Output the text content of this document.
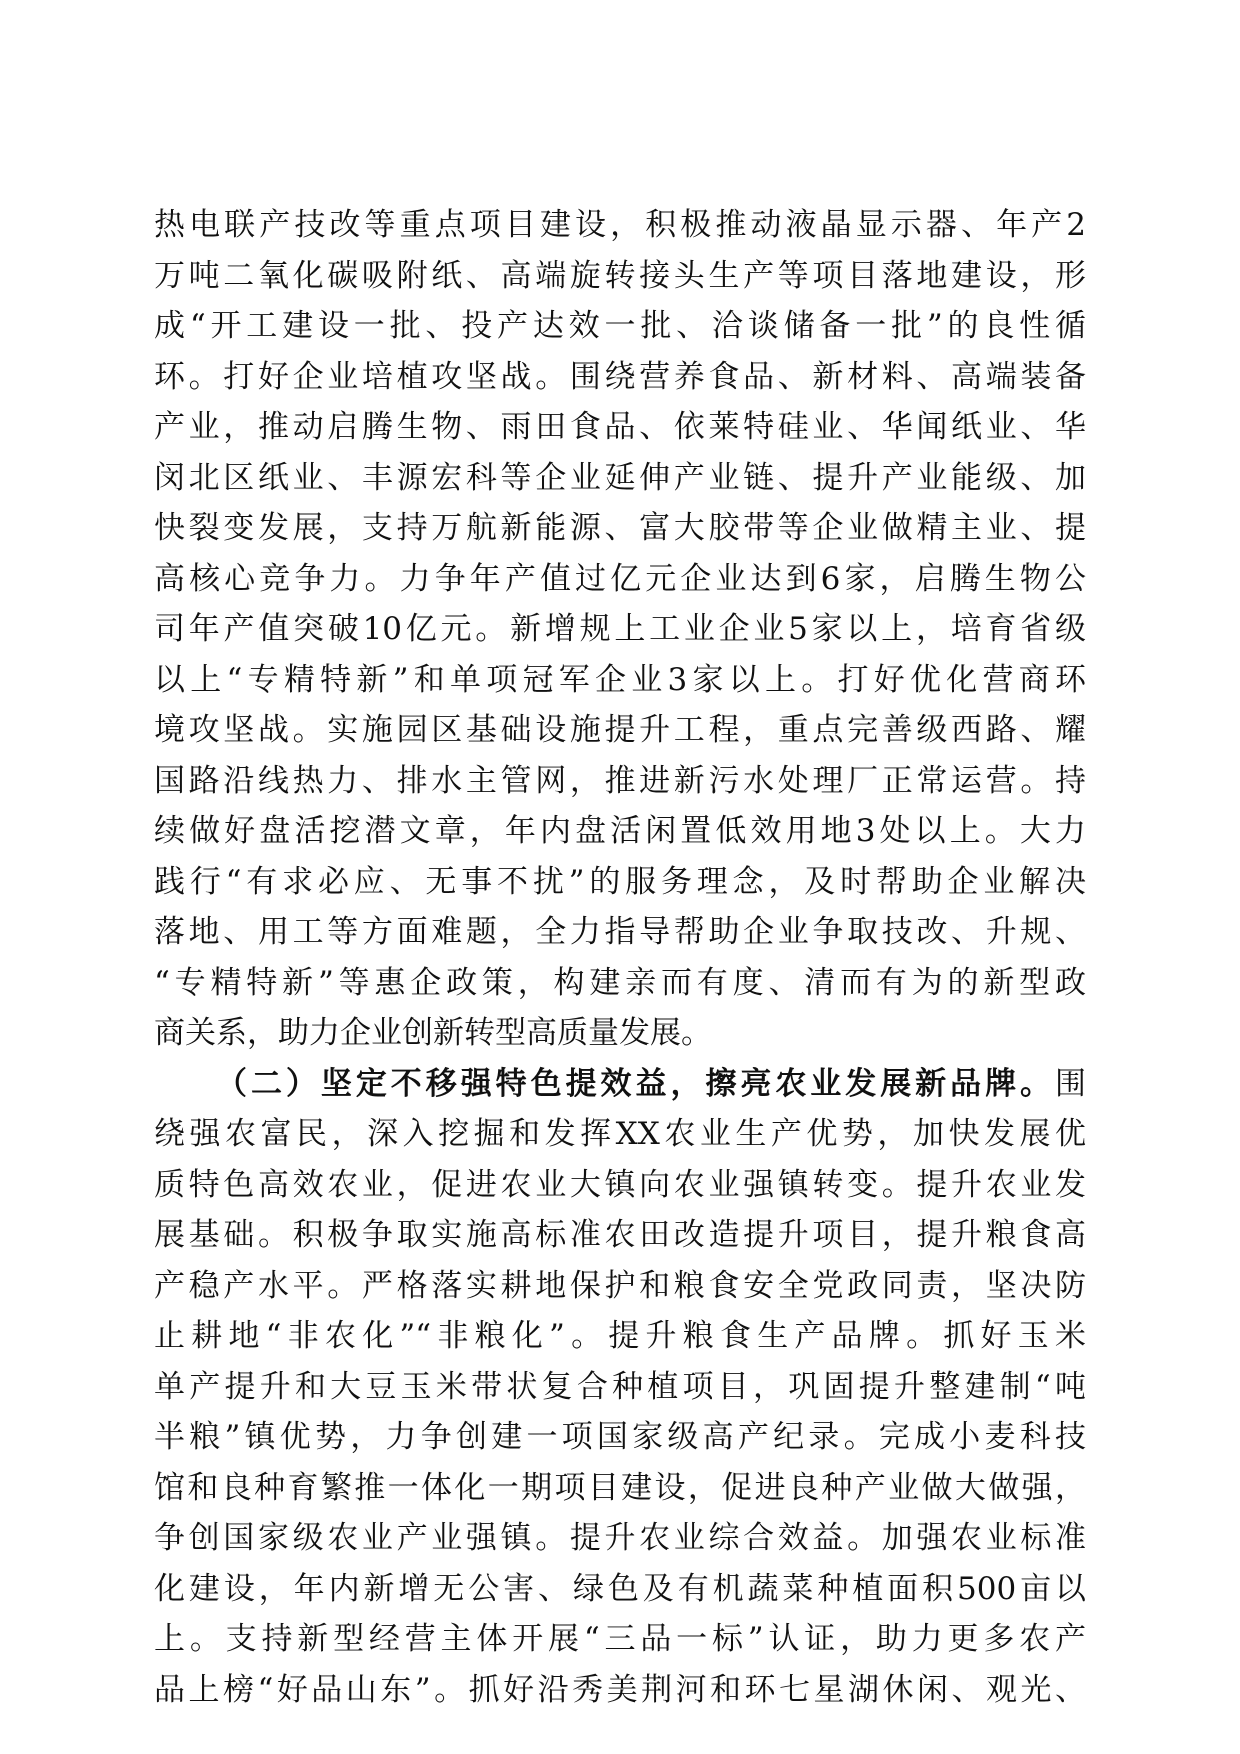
热电联产技改等重点项目建设，积极推动液晶显示器、年产2
万吨二氧化碳吸附纸、高端旋转接头生产等项目落地建设，形
成“开工建设一批、投产达效一批、洽谈储备一批”的良性循
环。打好企业培植攻坚战。围绕营养食品、新材料、高端装备
产业，推动启腾生物、雨田食品、依莱特硅业、华闻纸业、华
闵北区纸业、丰源宏科等企业延伸产业链、提升产业能级、加
快裂变发展，支持万航新能源、富大胶带等企业做精主业、提
高核心竞争力。力争年产值过亿元企业达到6家，启腾生物公
司年产值突破10亿元。新增规上工业企业5家以上，培育省级
以上“专精特新”和单项冠军企业3家以上。打好优化营商环
境攻坚战。实施园区基础设施提升工程，重点完善级西路、耀
国路沿线热力、排水主管网，推进新污水处理厂正常运营。持
续做好盘活挖潜文章，年内盘活闲置低效用地3处以上。大力
践行“有求必应、无事不扰”的服务理念，及时帮助企业解决
落地、用工等方面难题，全力指导帮助企业争取技改、升规、
“专精特新”等惠企政策，构建亲而有度、清而有为的新型政
商关系，助力企业创新转型高质量发展。
（二）坚定不移强特色提效益，擦亮农业发展新品牌。围
绕强农富民，深入挖掘和发挥XX农业生产优势，加快发展优
质特色高效农业，促进农业大镇向农业强镇转变。提升农业发
展基础。积极争取实施高标准农田改造提升项目，提升粮食高
产稳产水平。严格落实耕地保护和粮食安全党政同责，坚决防
止耕地“非农化”“非粮化”。提升粮食生产品牌。抓好玉米
单产提升和大豆玉米带状复合种植项目，巩固提升整建制“吨
半粮”镇优势，力争创建一项国家级高产纪录。完成小麦科技
馆和良种育繁推一体化一期项目建设，促进良种产业做大做强，
争创国家级农业产业强镇。提升农业综合效益。加强农业标准
化建设，年内新增无公害、绿色及有机蔬菜种植面积500亩以
上。支持新型经营主体开展“三品一标”认证，助力更多农产
品上榜“好品山东”。抓好沿秀美荆河和环七星湖休闲、观光、
